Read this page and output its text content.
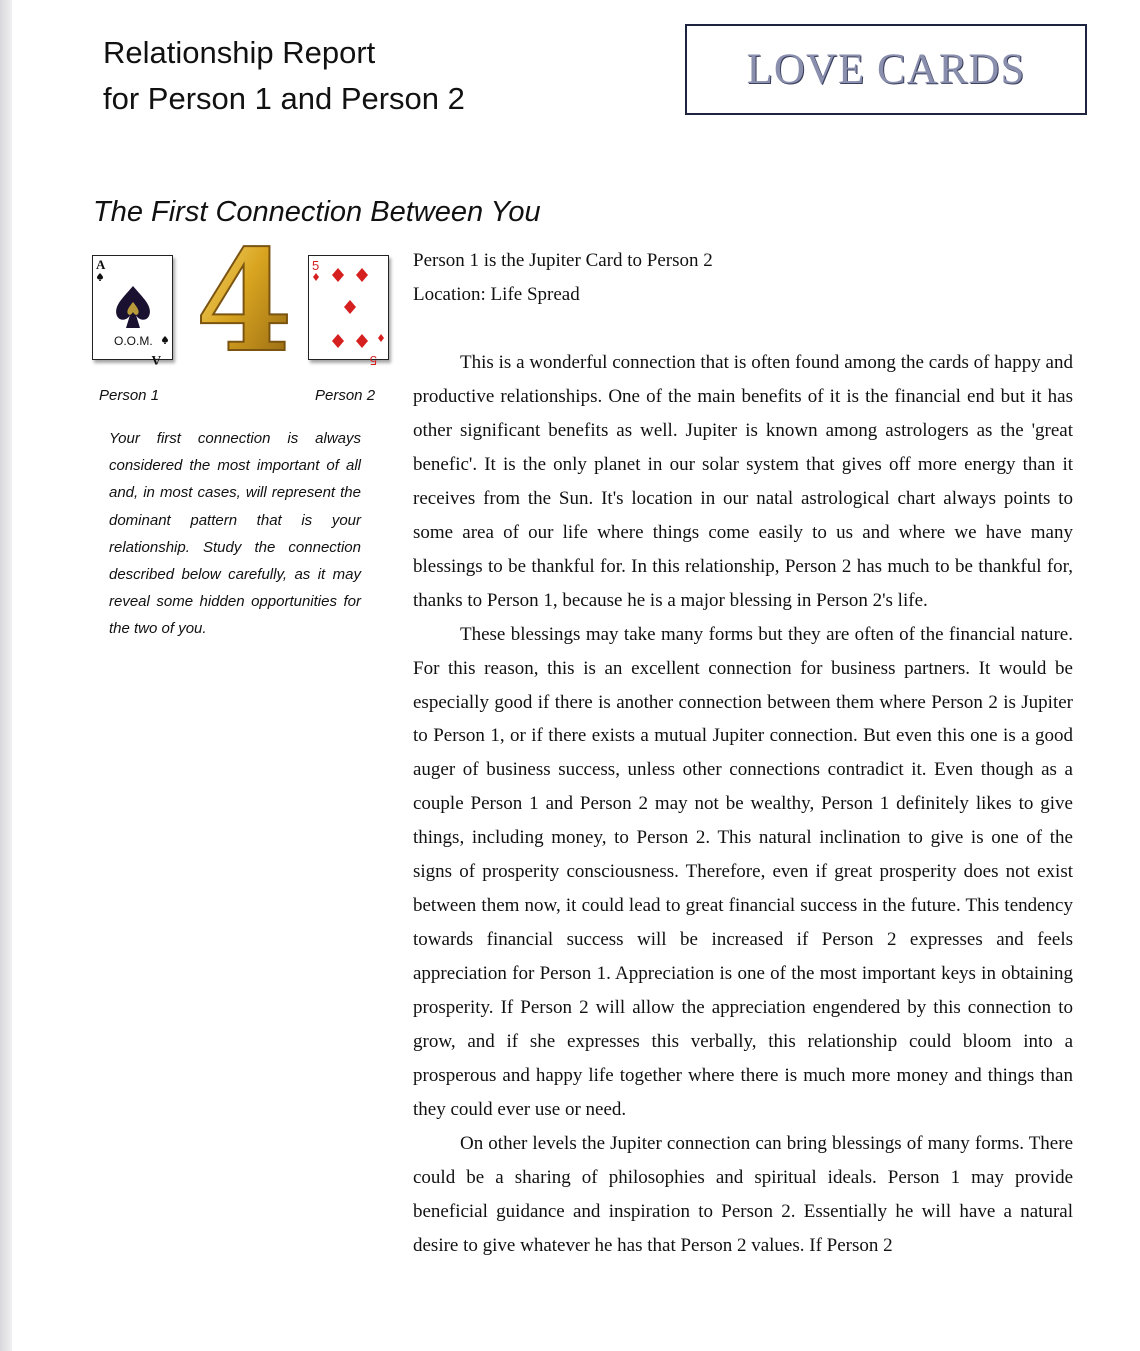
Relationship Report
for Person 1 and Person 2
LOVE CARDS
The First Connection Between You
A
O.O.M.
A 4 5
5
Person 1	Person 2
Your first connection is always considered the most important of all and, in most cases, will represent the dominant pattern that is your relationship. Study the connection described below carefully, as it may reveal some hidden opportunities for the two of you.
Person 1 is the Jupiter Card to Person 2
Location: Life Spread

This is a wonderful connection that is often found among the cards of happy and productive relationships. One of the main benefits of it is the financial end but it has other significant benefits as well. Jupiter is known among astrologers as the 'great benefic'. It is the only planet in our solar system that gives off more energy than it receives from the Sun. It's location in our natal astrological chart always points to some area of our life where things come easily to us and where we have many blessings to be thankful for. In this relationship, Person 2 has much to be thankful for, thanks to Person 1, because he is a major blessing in Person 2's life.

These blessings may take many forms but they are often of the financial nature. For this reason, this is an excellent connection for business partners. It would be especially good if there is another connection between them where Person 2 is Jupiter to Person 1, or if there exists a mutual Jupiter connection. But even this one is a good auger of business success, unless other connections contradict it. Even though as a couple Person 1 and Person 2 may not be wealthy, Person 1 definitely likes to give things, including money, to Person 2. This natural inclination to give is one of the signs of prosperity consciousness. Therefore, even if great prosperity does not exist between them now, it could lead to great financial success in the future. This tendency towards financial success will be increased if Person 2 expresses and feels appreciation for Person 1. Appreciation is one of the most important keys in obtaining prosperity. If Person 2 will allow the appreciation engendered by this connection to grow, and if she expresses this verbally, this relationship could bloom into a prosperous and happy life together where there is much more money and things than they could ever use or need.

On other levels the Jupiter connection can bring blessings of many forms. There could be a sharing of philosophies and spiritual ideals. Person 1 may provide beneficial guidance and inspiration to Person 2. Essentially he will have a natural desire to give whatever he has that Person 2 values. If Person 2
